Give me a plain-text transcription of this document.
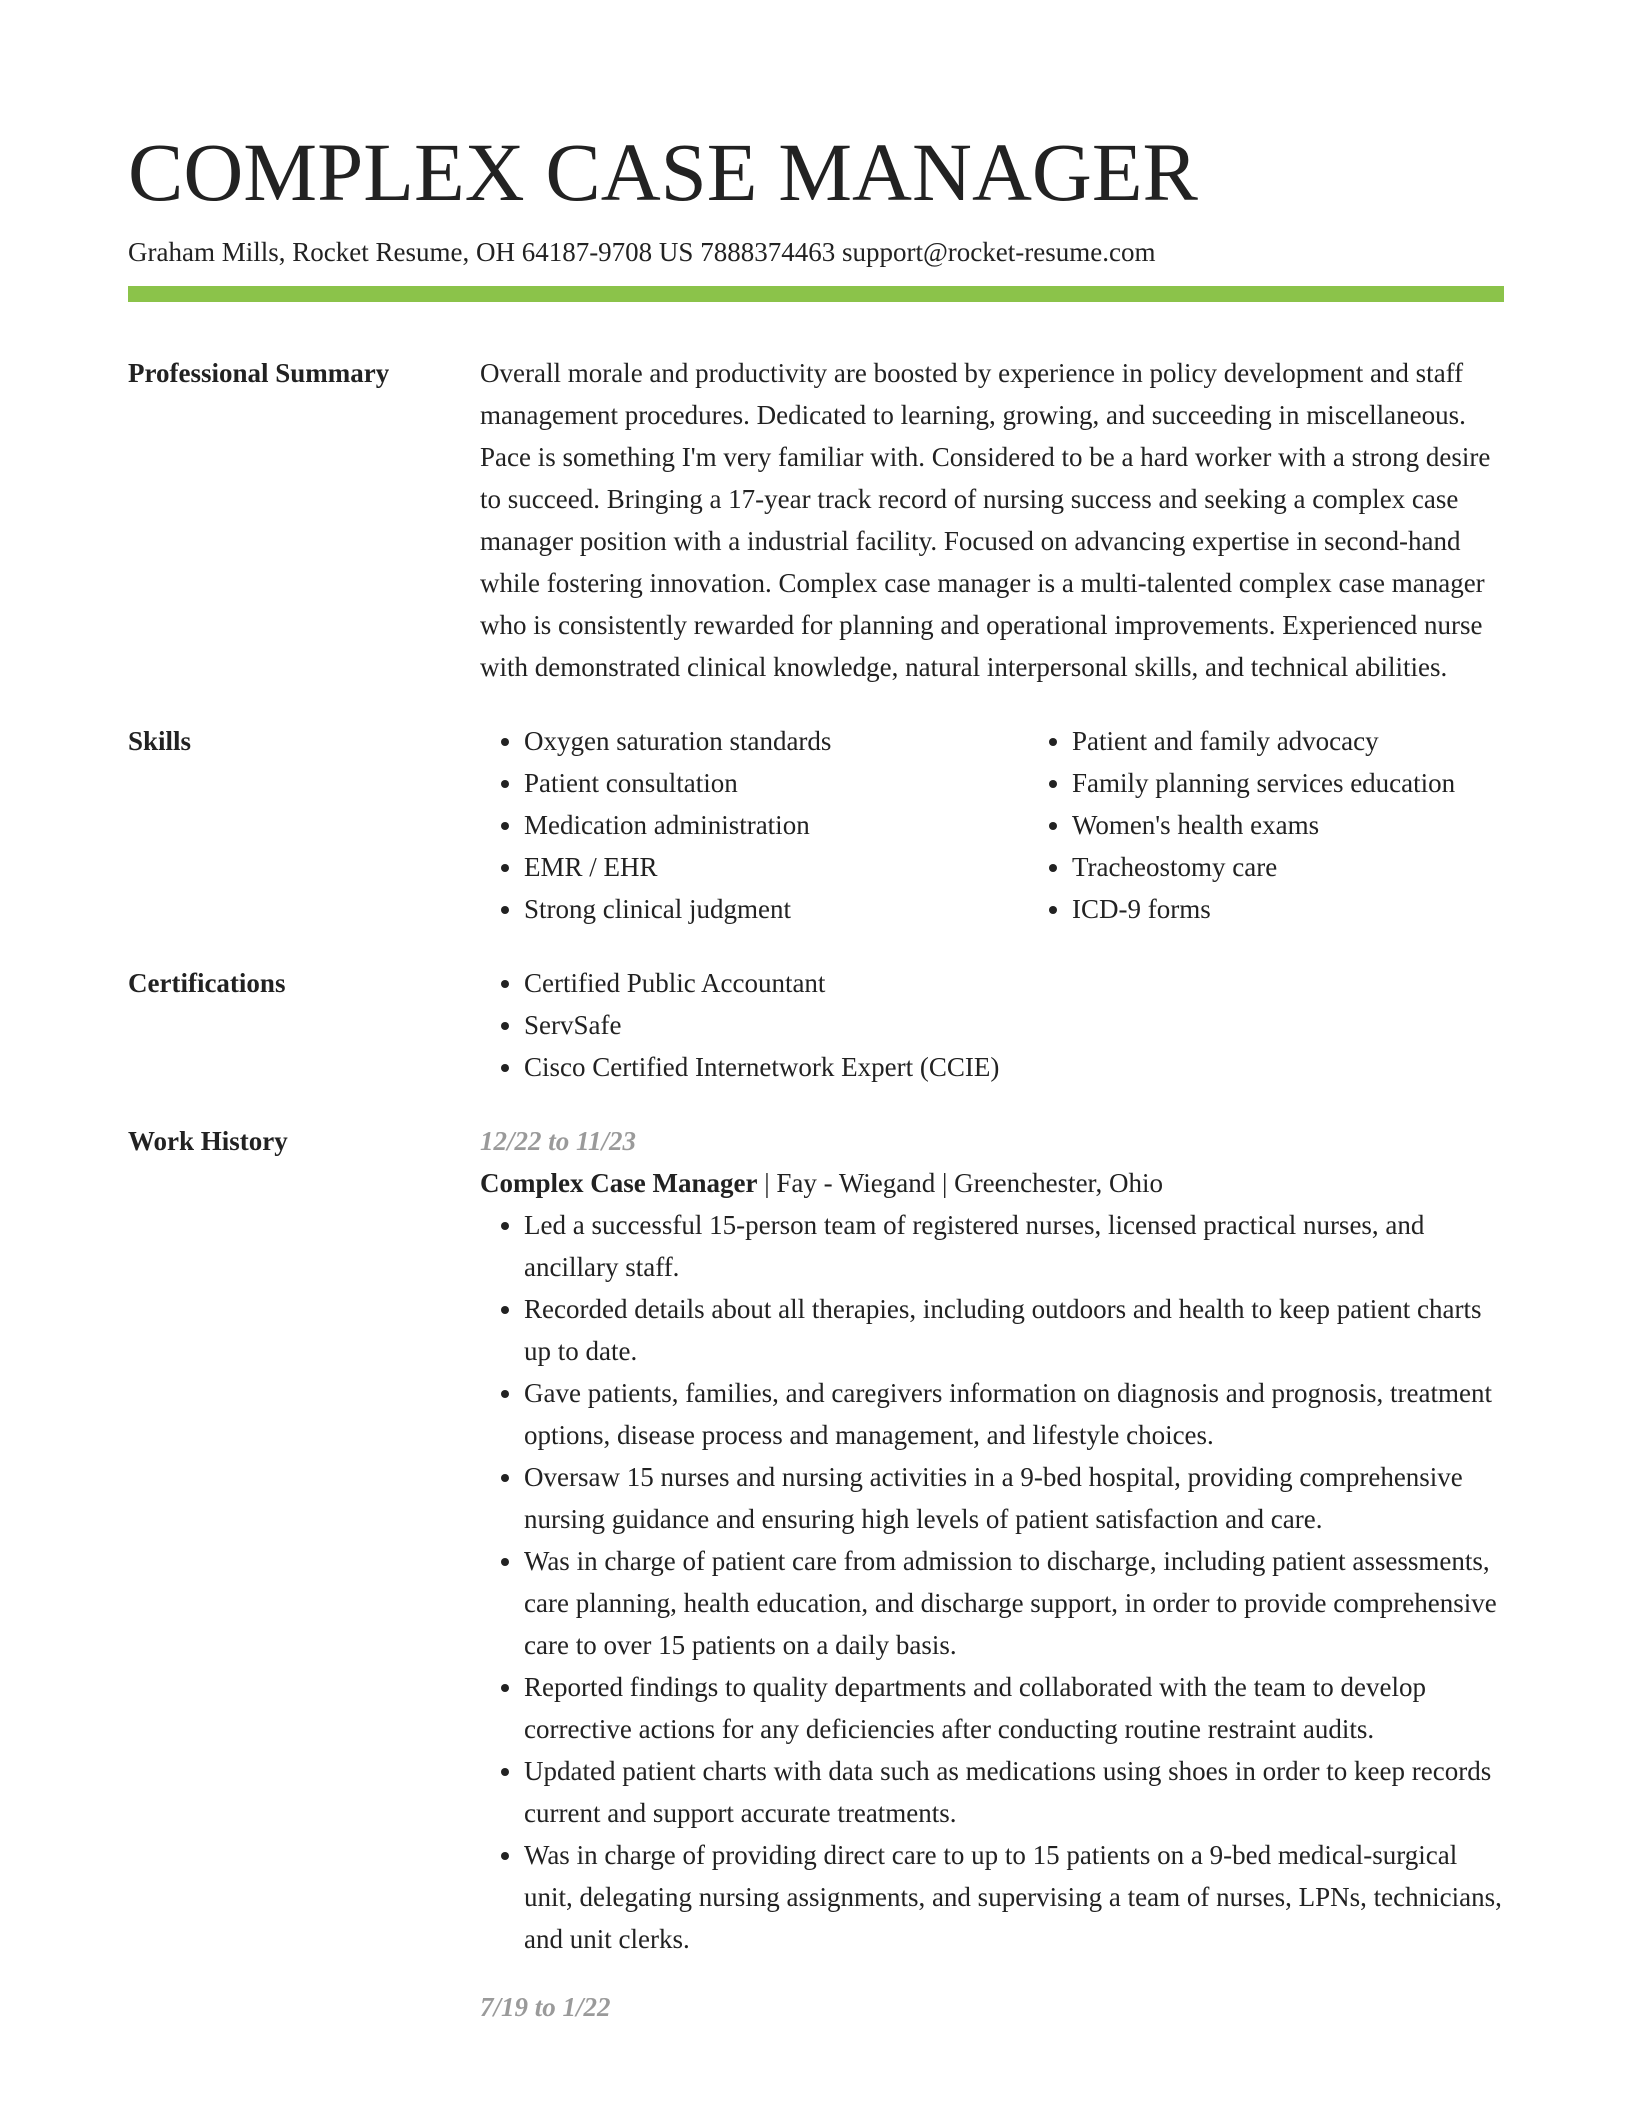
COMPLEX CASE MANAGER
Graham Mills, Rocket Resume, OH 64187-9708 US 7888374463 support@rocket-resume.com
Professional Summary	Overall morale and productivity are boosted by experience in policy development and staff management procedures. Dedicated to learning, growing, and succeeding in miscellaneous. Pace is something I'm very familiar with. Considered to be a hard worker with a strong desire to succeed. Bringing a 17-year track record of nursing success and seeking a complex case manager position with a industrial facility. Focused on advancing expertise in second-hand while fostering innovation. Complex case manager is a multi-talented complex case manager who is consistently rewarded for planning and operational improvements. Experienced nurse with demonstrated clinical knowledge, natural interpersonal skills, and technical abilities.
Skills	• Oxygen saturation standards
• Patient consultation
• Medication administration
• EMR / EHR
• Strong clinical judgment
• Patient and family advocacy
• Family planning services education
• Women's health exams
• Tracheostomy care
• ICD-9 forms
Certifications	• Certified Public Accountant
• ServSafe
• Cisco Certified Internetwork Expert (CCIE)
Work History	12/22 to 11/23
Complex Case Manager | Fay - Wiegand | Greenchester, Ohio
• Led a successful 15-person team of registered nurses, licensed practical nurses, and ancillary staff.
• Recorded details about all therapies, including outdoors and health to keep patient charts up to date.
• Gave patients, families, and caregivers information on diagnosis and prognosis, treatment options, disease process and management, and lifestyle choices.
• Oversaw 15 nurses and nursing activities in a 9-bed hospital, providing comprehensive nursing guidance and ensuring high levels of patient satisfaction and care.
• Was in charge of patient care from admission to discharge, including patient assessments, care planning, health education, and discharge support, in order to provide comprehensive care to over 15 patients on a daily basis.
• Reported findings to quality departments and collaborated with the team to develop corrective actions for any deficiencies after conducting routine restraint audits.
• Updated patient charts with data such as medications using shoes in order to keep records current and support accurate treatments.
• Was in charge of providing direct care to up to 15 patients on a 9-bed medical-surgical unit, delegating nursing assignments, and supervising a team of nurses, LPNs, technicians, and unit clerks.
7/19 to 1/22
